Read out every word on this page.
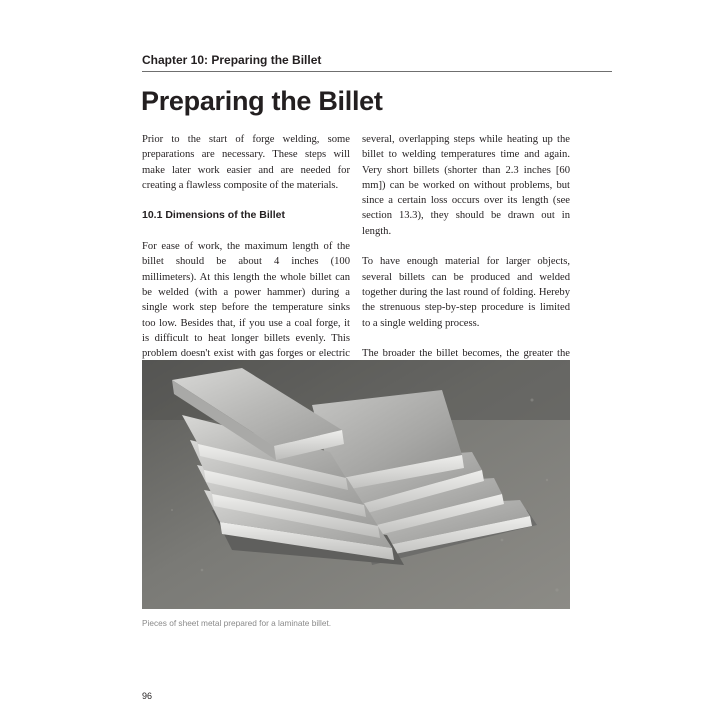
Chapter 10: Preparing the Billet
Preparing the Billet

Prior to the start of forge welding, some preparations are necessary. These steps will make later work easier and are needed for creating a flawless composite of the materials.

10.1 Dimensions of the Billet

For ease of work, the maximum length of the billet should be about 4 inches (100 millimeters). At this length the whole billet can be welded (with a power hammer) during a single work step before the temperature sinks too low. Besides that, if you use a coal forge, it is difficult to heat longer billets evenly. This problem doesn't exist with gas forges or electric

several, overlapping steps while heating up the billet to welding temperatures time and again. Very short billets (shorter than 2.3 inches [60 mm]) can be worked on without problems, but since a certain loss occurs over its length (see section 13.3), they should be drawn out in length.

To have enough material for larger objects, several billets can be produced and welded together during the last round of folding. Hereby the strenuous step-by-step procedure is limited to a single welding process.

The broader the billet becomes, the greater the

Pieces of sheet metal prepared for a laminate billet.
96
